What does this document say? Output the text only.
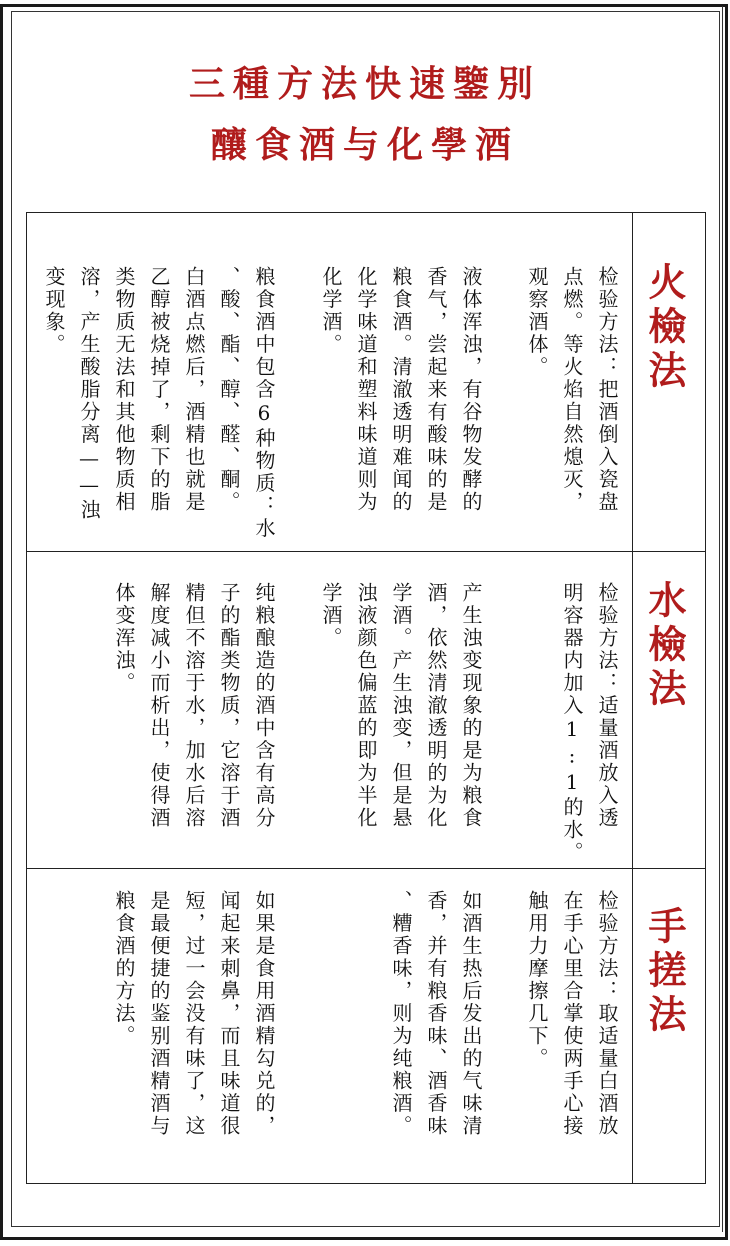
三種方法快速鑒別
釀食酒与化學酒
火檢法
检验方法：把酒倒入瓷盘
点燃。等火焰自然熄灭，
观察酒体。
液体浑浊，有谷物发酵的
香气，尝起来有酸味的是
粮食酒。清澈透明难闻的
化学味道和塑料味道则为
化学酒。
粮食酒中包含6种物质：水
、酸、酯、醇、醛、酮。
白酒点燃后，酒精也就是
乙醇被烧掉了，剩下的脂
类物质无法和其他物质相
溶，产生酸脂分离——浊
变现象。
水檢法
检验方法：适量酒放入透
明容器内加入1:1的水。
产生浊变现象的是为粮食
酒，依然清澈透明的为化
学酒。产生浊变，但是悬
浊液颜色偏蓝的即为半化
学酒。
纯粮酿造的酒中含有高分
子的酯类物质，它溶于酒
精但不溶于水，加水后溶
解度减小而析出，使得酒
体变浑浊。
手搓法
检验方法：取适量白酒放
在手心里合掌使两手心接
触用力摩擦几下。
如酒生热后发出的气味清
香，并有粮香味、酒香味
、糟香味，则为纯粮酒。
如果是食用酒精勾兑的，
闻起来刺鼻，而且味道很
短，过一会没有味了，这
是最便捷的鉴别酒精酒与
粮食酒的方法。
